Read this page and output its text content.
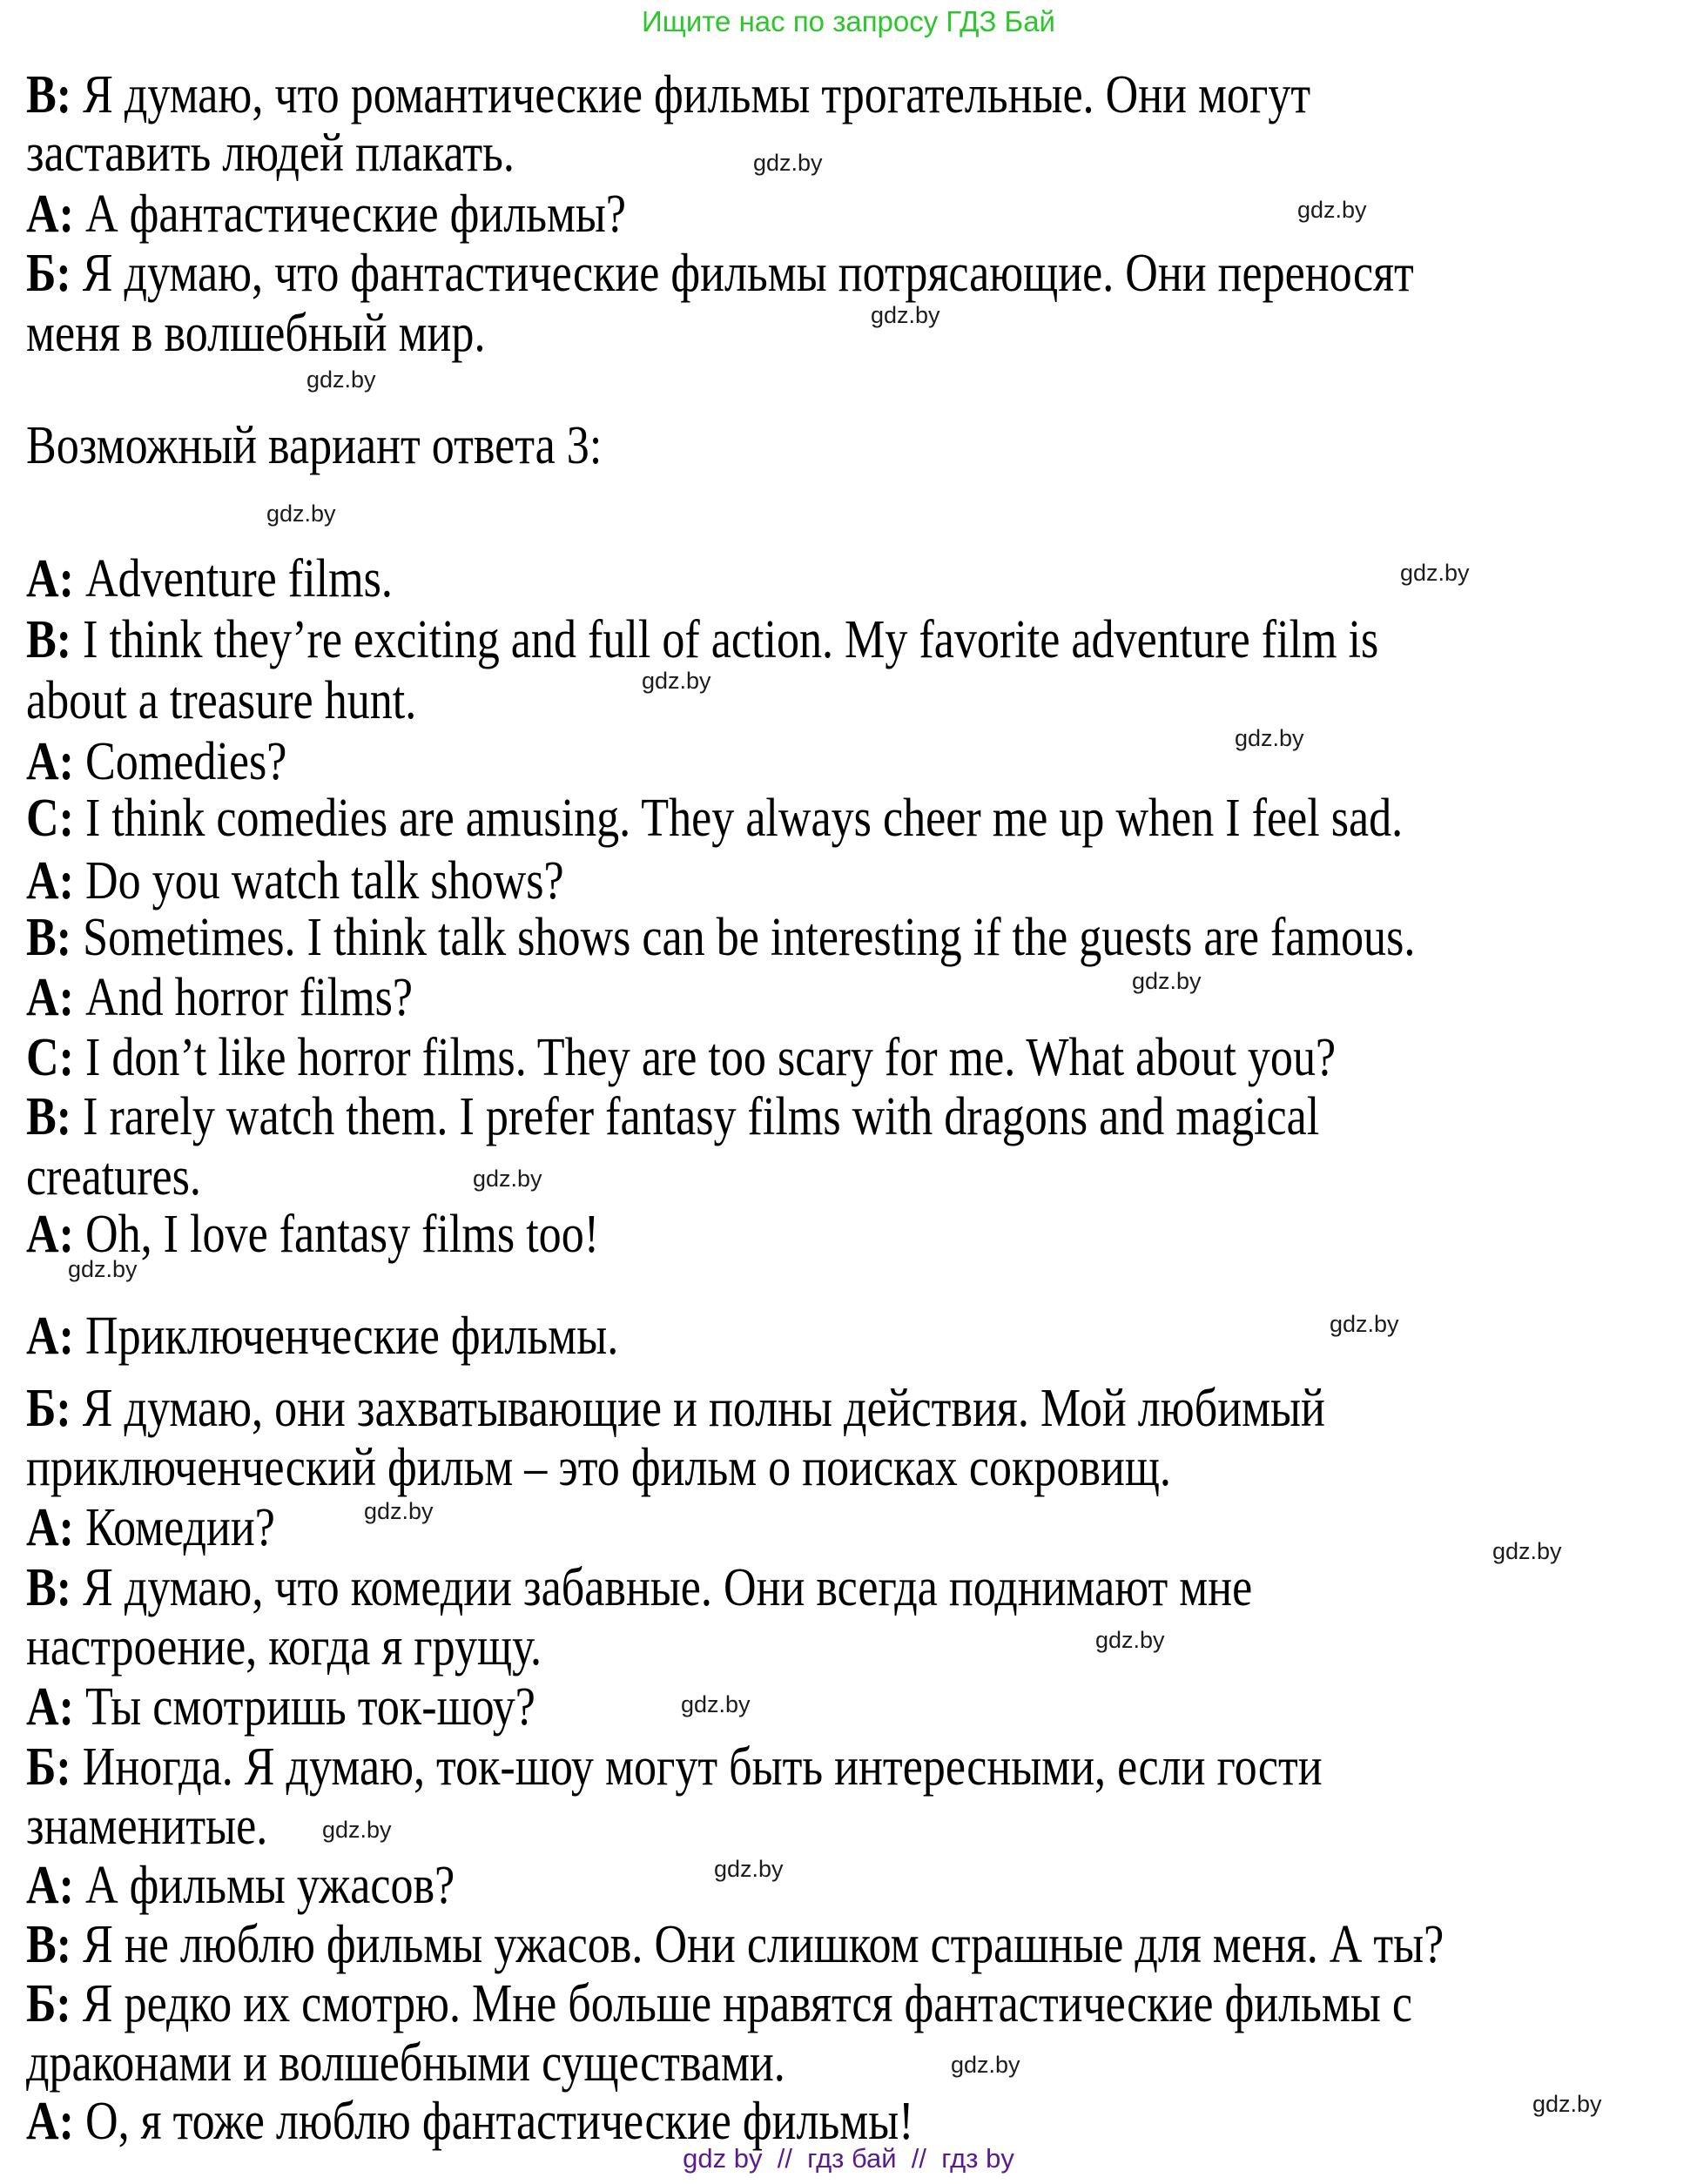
Ищите нас по запросу ГДЗ Бай
В: Я думаю, что романтические фильмы трогательные. Они могут
заставить людей плакать.
А: А фантастические фильмы?
Б: Я думаю, что фантастические фильмы потрясающие. Они переносят
меня в волшебный мир.
Возможный вариант ответа 3:
A: Adventure films.
B: I think they’re exciting and full of action. My favorite adventure film is
about a treasure hunt.
A: Comedies?
C: I think comedies are amusing. They always cheer me up when I feel sad.
A: Do you watch talk shows?
B: Sometimes. I think talk shows can be interesting if the guests are famous.
A: And horror films?
C: I don’t like horror films. They are too scary for me. What about you?
B: I rarely watch them. I prefer fantasy films with dragons and magical
creatures.
A: Oh, I love fantasy films too!
А: Приключенческие фильмы.
Б: Я думаю, они захватывающие и полны действия. Мой любимый
приключенческий фильм – это фильм о поисках сокровищ.
А: Комедии?
В: Я думаю, что комедии забавные. Они всегда поднимают мне
настроение, когда я грущу.
А: Ты смотришь ток-шоу?
Б: Иногда. Я думаю, ток-шоу могут быть интересными, если гости
знаменитые.
А: А фильмы ужасов?
В: Я не люблю фильмы ужасов. Они слишком страшные для меня. А ты?
Б: Я редко их смотрю. Мне больше нравятся фантастические фильмы с
драконами и волшебными существами.
А: О, я тоже люблю фантастические фильмы!
gdz.by
gdz.by
gdz.by
gdz.by
gdz.by
gdz.by
gdz.by
gdz.by
gdz.by
gdz.by
gdz.by
gdz.by
gdz.by
gdz.by
gdz.by
gdz.by
gdz.by
gdz.by
gdz.by
gdz.by
gdz by  //  гдз бай  //  гдз by
